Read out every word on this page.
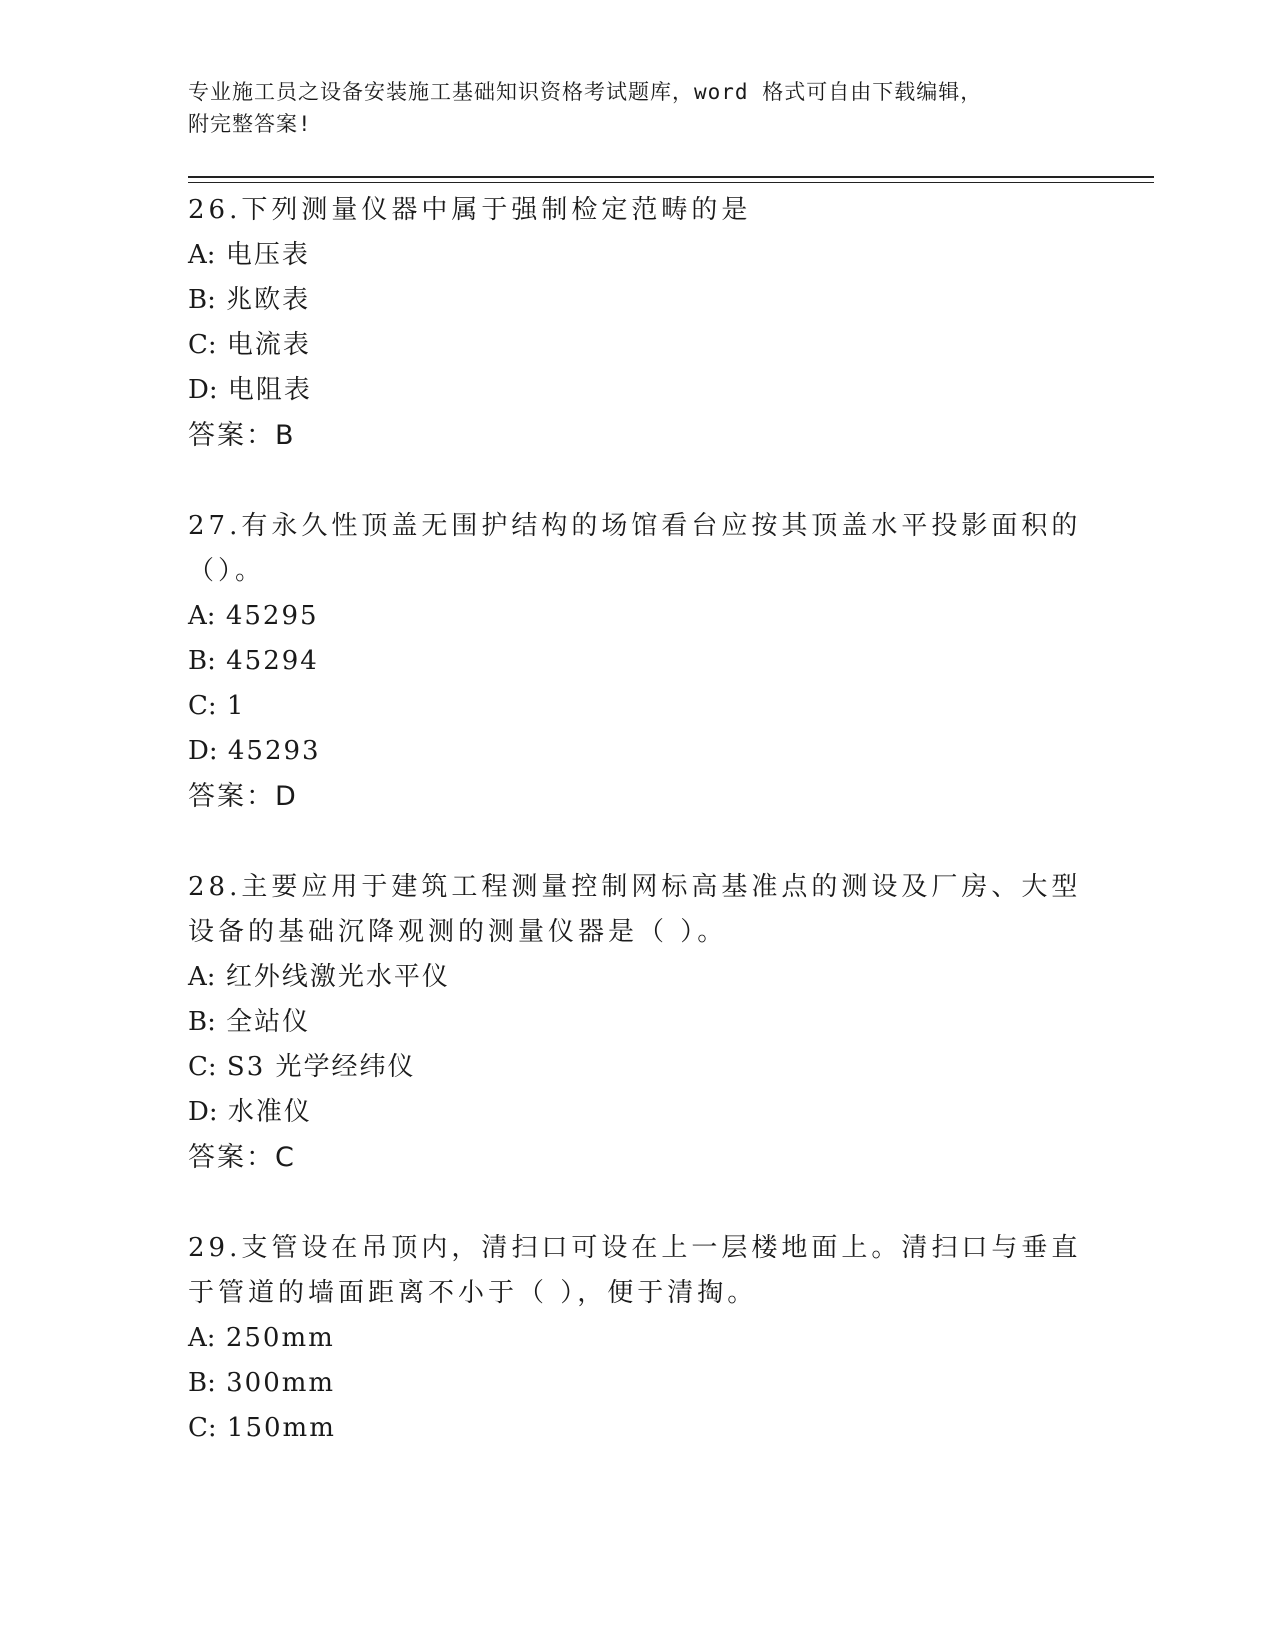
专业施工员之设备安装施工基础知识资格考试题库，word 格式可自由下载编辑，
附完整答案!
26.下列测量仪器中属于强制检定范畴的是
A: 电压表
B: 兆欧表
C: 电流表
D: 电阻表
答案：B
27.有永久性顶盖无围护结构的场馆看台应按其顶盖水平投影面积的（）。
A: 45295
B: 45294
C: 1
D: 45293
答案：D
28.主要应用于建筑工程测量控制网标高基准点的测设及厂房、大型设备的基础沉降观测的测量仪器是（ ）。
A: 红外线激光水平仪
B: 全站仪
C: S3 光学经纬仪
D: 水准仪
答案：C
29.支管设在吊顶内，清扫口可设在上一层楼地面上。清扫口与垂直于管道的墙面距离不小于（ ），便于清掏。
A: 250mm
B: 300mm
C: 150mm
